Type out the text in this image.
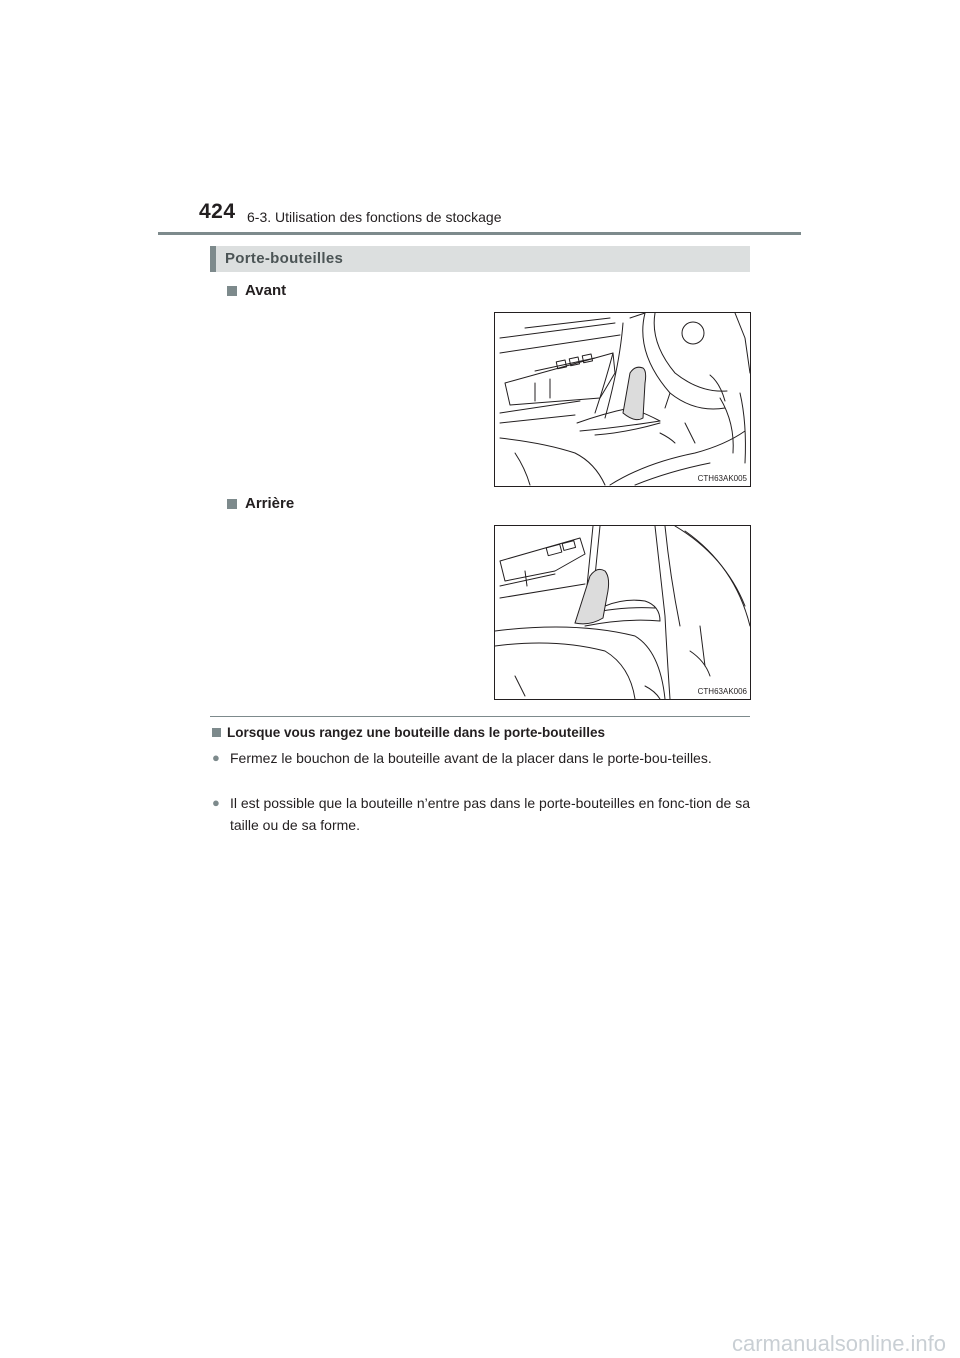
424 6-3. Utilisation des fonctions de stockage
Porte-bouteilles
Avant
CTH63AK005
Arrière
CTH63AK006
Lorsque vous rangez une bouteille dans le porte-bouteilles
● Fermez le bouchon de la bouteille avant de la placer dans le porte-bou-teilles.
● Il est possible que la bouteille n’entre pas dans le porte-bouteilles en fonc-tion de sa taille ou de sa forme.
carmanualsonline.info
